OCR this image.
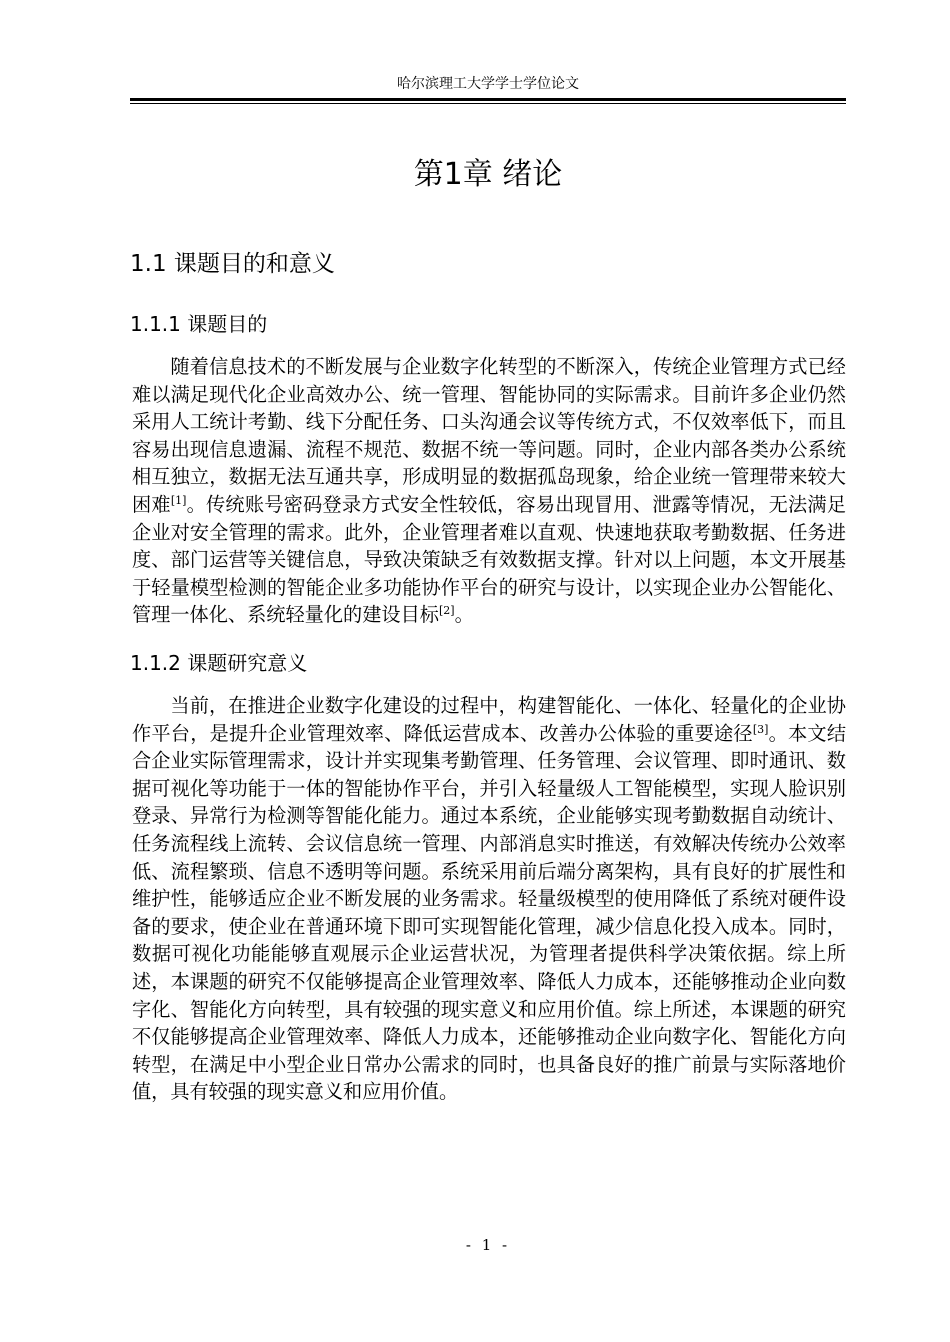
哈尔滨理工大学学士学位论文
第1章 绪论
1.1 课题目的和意义
1.1.1 课题目的

随着信息技术的不断发展与企业数字化转型的不断深入，传统企业管理方式已经难以满足现代化企业高效办公、统一管理、智能协同的实际需求。目前许多企业仍然采用人工统计考勤、线下分配任务、口头沟通会议等传统方式，不仅效率低下，而且容易出现信息遗漏、流程不规范、数据不统一等问题。同时，企业内部各类办公系统相互独立，数据无法互通共享，形成明显的数据孤岛现象，给企业统一管理带来较大困难[1]。传统账号密码登录方式安全性较低，容易出现冒用、泄露等情况，无法满足企业对安全管理的需求。此外，企业管理者难以直观、快速地获取考勤数据、任务进度、部门运营等关键信息，导致决策缺乏有效数据支撑。针对以上问题，本文开展基于轻量模型检测的智能企业多功能协作平台的研究与设计，以实现企业办公智能化、管理一体化、系统轻量化的建设目标[2]。

1.1.2 课题研究意义

当前，在推进企业数字化建设的过程中，构建智能化、一体化、轻量化的企业协作平台，是提升企业管理效率、降低运营成本、改善办公体验的重要途径[3]。本文结合企业实际管理需求，设计并实现集考勤管理、任务管理、会议管理、即时通讯、数据可视化等功能于一体的智能协作平台，并引入轻量级人工智能模型，实现人脸识别登录、异常行为检测等智能化能力。通过本系统，企业能够实现考勤数据自动统计、任务流程线上流转、会议信息统一管理、内部消息实时推送，有效解决传统办公效率低、流程繁琐、信息不透明等问题。系统采用前后端分离架构，具有良好的扩展性和维护性，能够适应企业不断发展的业务需求。轻量级模型的使用降低了系统对硬件设备的要求，使企业在普通环境下即可实现智能化管理，减少信息化投入成本。同时，数据可视化功能能够直观展示企业运营状况，为管理者提供科学决策依据。综上所述，本课题的研究不仅能够提高企业管理效率、降低人力成本，还能够推动企业向数字化、智能化方向转型，具有较强的现实意义和应用价值。综上所述，本课题的研究不仅能够提高企业管理效率、降低人力成本，还能够推动企业向数字化、智能化方向转型，在满足中小型企业日常办公需求的同时，也具备良好的推广前景与实际落地价值，具有较强的现实意义和应用价值。

- 1 -
